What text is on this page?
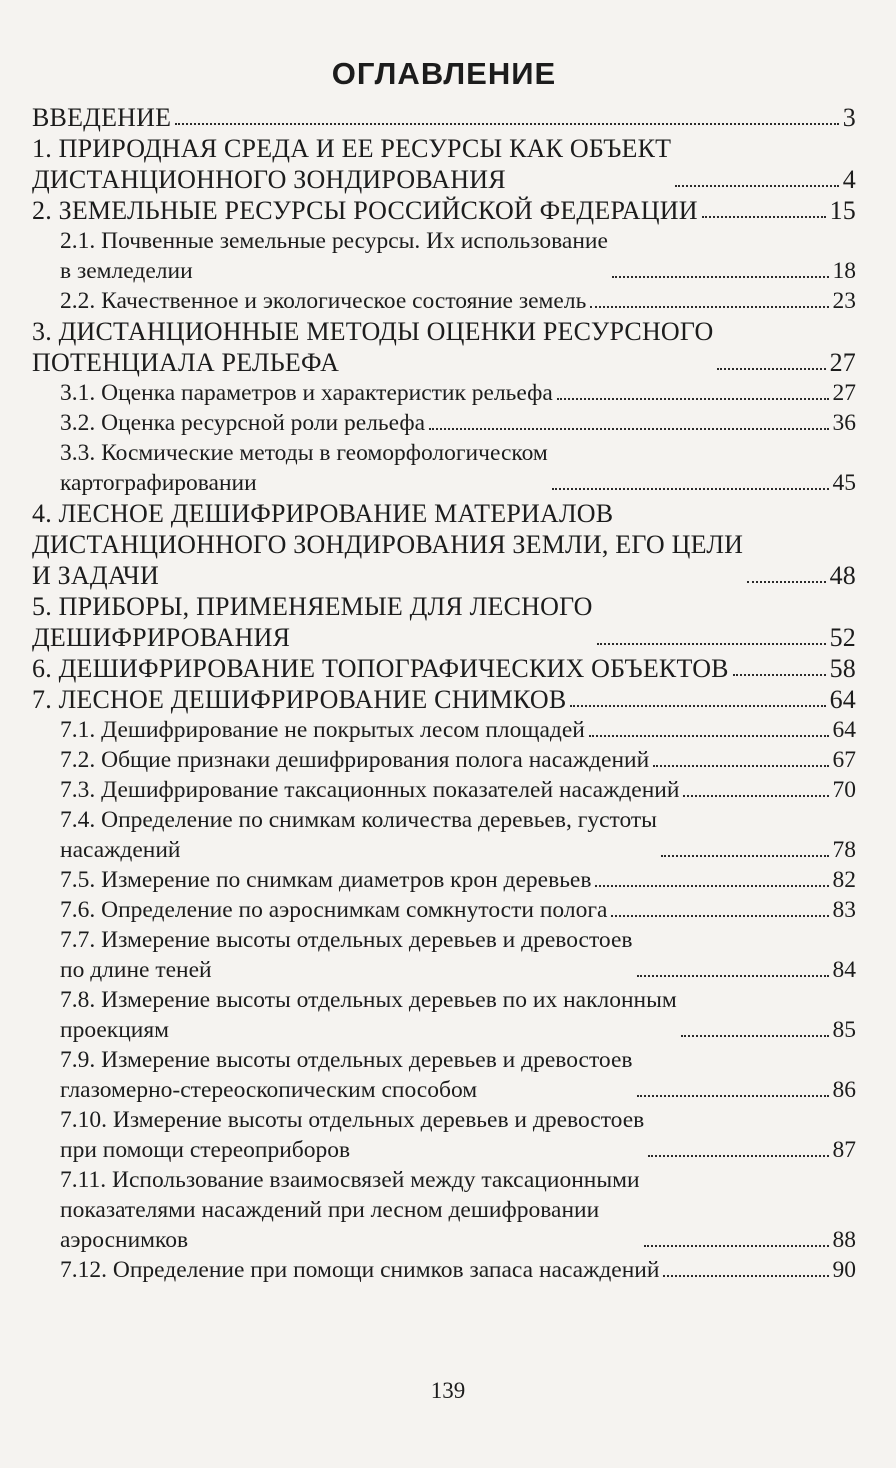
ОГЛАВЛЕНИЕ
ВВЕДЕНИЕ	3
1. ПРИРОДНАЯ СРЕДА И ЕЕ РЕСУРСЫ КАК ОБЪЕКТ
ДИСТАНЦИОННОГО ЗОНДИРОВАНИЯ	4
2. ЗЕМЕЛЬНЫЕ РЕСУРСЫ РОССИЙСКОЙ ФЕДЕРАЦИИ	15
2.1. Почвенные земельные ресурсы. Их использование
в земледелии	18
2.2. Качественное и экологическое состояние земель	23
3. ДИСТАНЦИОННЫЕ МЕТОДЫ ОЦЕНКИ РЕСУРСНОГО
ПОТЕНЦИАЛА РЕЛЬЕФА	27
3.1. Оценка параметров и характеристик рельефа	27
3.2. Оценка ресурсной роли рельефа	36
3.3. Космические методы в геоморфологическом
картографировании	45
4. ЛЕСНОЕ ДЕШИФРИРОВАНИЕ МАТЕРИАЛОВ
ДИСТАНЦИОННОГО ЗОНДИРОВАНИЯ ЗЕМЛИ, ЕГО ЦЕЛИ
И ЗАДАЧИ	48
5. ПРИБОРЫ, ПРИМЕНЯЕМЫЕ ДЛЯ ЛЕСНОГО
ДЕШИФРИРОВАНИЯ	52
6. ДЕШИФРИРОВАНИЕ ТОПОГРАФИЧЕСКИХ ОБЪЕКТОВ	58
7. ЛЕСНОЕ ДЕШИФРИРОВАНИЕ СНИМКОВ	64
7.1. Дешифрирование не покрытых лесом площадей	64
7.2. Общие признаки дешифрирования полога насаждений	67
7.3. Дешифрирование таксационных показателей насаждений	70
7.4. Определение по снимкам количества деревьев, густоты
насаждений	78
7.5. Измерение по снимкам диаметров крон деревьев	82
7.6. Определение по аэроснимкам сомкнутости полога	83
7.7. Измерение высоты отдельных деревьев и древостоев
по длине теней	84
7.8. Измерение высоты отдельных деревьев по их наклонным
проекциям	85
7.9. Измерение высоты отдельных деревьев и древостоев
глазомерно-стереоскопическим способом	86
7.10. Измерение высоты отдельных деревьев и древостоев
при помощи стереоприборов	87
7.11. Использование взаимосвязей между таксационными
показателями насаждений при лесном дешифровании
аэроснимков	88
7.12. Определение при помощи снимков запаса насаждений	90
139
